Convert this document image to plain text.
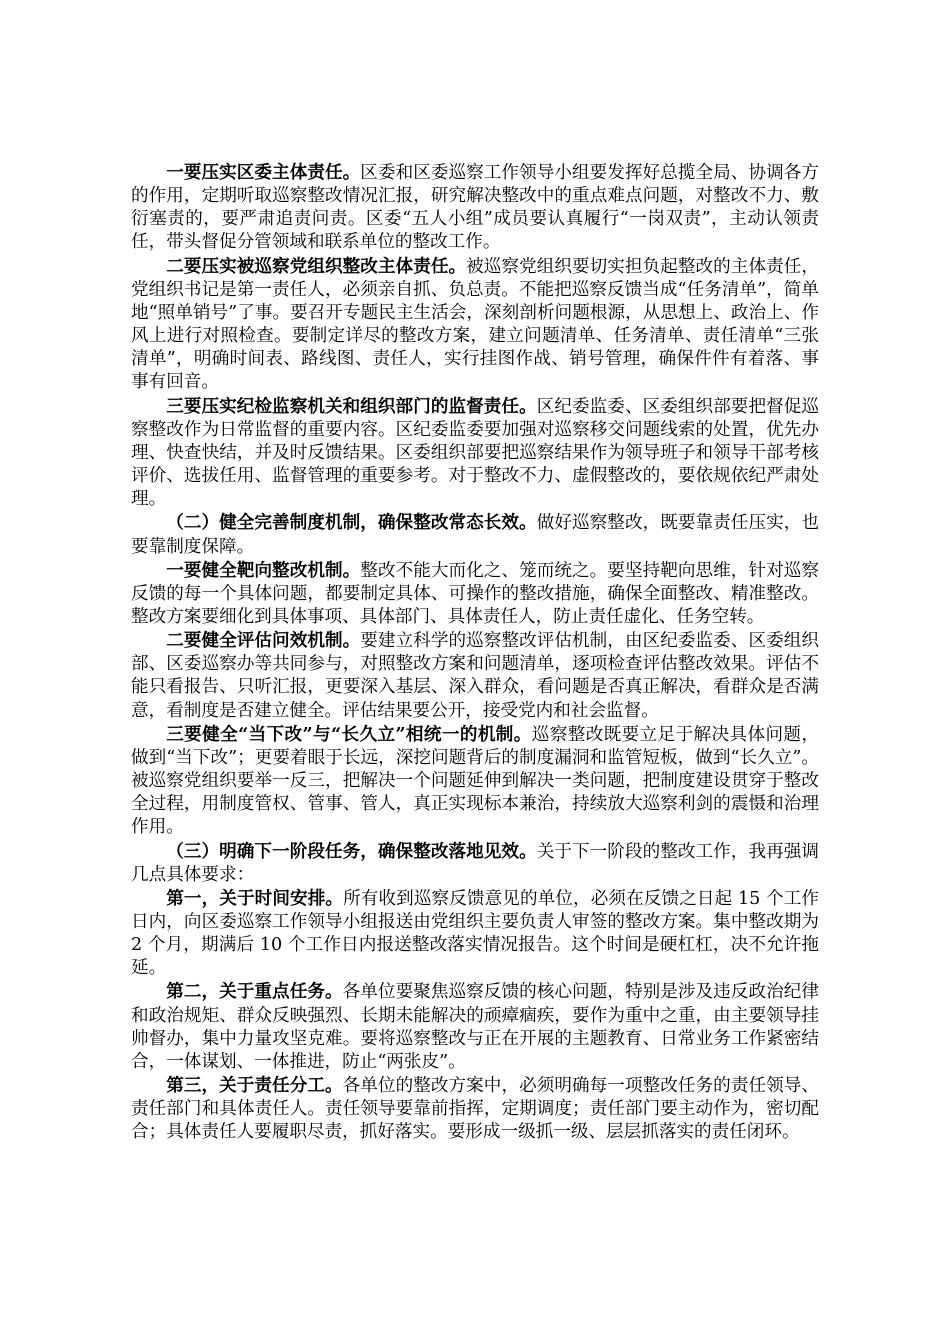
一要压实区委主体责任。区委和区委巡察工作领导小组要发挥好总揽全局、协调各方的作用，定期听取巡察整改情况汇报，研究解决整改中的重点难点问题，对整改不力、敷衍塞责的，要严肃追责问责。区委“五人小组”成员要认真履行“一岗双责”，主动认领责任，带头督促分管领域和联系单位的整改工作。

二要压实被巡察党组织整改主体责任。被巡察党组织要切实担负起整改的主体责任，党组织书记是第一责任人，必须亲自抓、负总责。不能把巡察反馈当成“任务清单”，简单地“照单销号”了事。要召开专题民主生活会，深刻剖析问题根源，从思想上、政治上、作风上进行对照检查。要制定详尽的整改方案，建立问题清单、任务清单、责任清单“三张清单”，明确时间表、路线图、责任人，实行挂图作战、销号管理，确保件件有着落、事事有回音。

三要压实纪检监察机关和组织部门的监督责任。区纪委监委、区委组织部要把督促巡察整改作为日常监督的重要内容。区纪委监委要加强对巡察移交问题线索的处置，优先办理、快查快结，并及时反馈结果。区委组织部要把巡察结果作为领导班子和领导干部考核评价、选拔任用、监督管理的重要参考。对于整改不力、虚假整改的，要依规依纪严肃处理。

（二）健全完善制度机制，确保整改常态长效。做好巡察整改，既要靠责任压实，也要靠制度保障。

一要健全靶向整改机制。整改不能大而化之、笼而统之。要坚持靶向思维，针对巡察反馈的每一个具体问题，都要制定具体、可操作的整改措施，确保全面整改、精准整改。整改方案要细化到具体事项、具体部门、具体责任人，防止责任虚化、任务空转。

二要健全评估问效机制。要建立科学的巡察整改评估机制，由区纪委监委、区委组织部、区委巡察办等共同参与，对照整改方案和问题清单，逐项检查评估整改效果。评估不能只看报告、只听汇报，更要深入基层、深入群众，看问题是否真正解决，看群众是否满意，看制度是否建立健全。评估结果要公开，接受党内和社会监督。

三要健全“当下改”与“长久立”相统一的机制。巡察整改既要立足于解决具体问题，做到“当下改”；更要着眼于长远，深挖问题背后的制度漏洞和监管短板，做到“长久立”。被巡察党组织要举一反三，把解决一个问题延伸到解决一类问题，把制度建设贯穿于整改全过程，用制度管权、管事、管人，真正实现标本兼治，持续放大巡察利剑的震慑和治理作用。

（三）明确下一阶段任务，确保整改落地见效。关于下一阶段的整改工作，我再强调几点具体要求：

第一，关于时间安排。所有收到巡察反馈意见的单位，必须在反馈之日起 15 个工作日内，向区委巡察工作领导小组报送由党组织主要负责人审签的整改方案。集中整改期为 2 个月，期满后 10 个工作日内报送整改落实情况报告。这个时间是硬杠杠，决不允许拖延。

第二，关于重点任务。各单位要聚焦巡察反馈的核心问题，特别是涉及违反政治纪律和政治规矩、群众反映强烈、长期未能解决的顽瘴痼疾，要作为重中之重，由主要领导挂帅督办，集中力量攻坚克难。要将巡察整改与正在开展的主题教育、日常业务工作紧密结合，一体谋划、一体推进，防止“两张皮”。

第三，关于责任分工。各单位的整改方案中，必须明确每一项整改任务的责任领导、责任部门和具体责任人。责任领导要靠前指挥，定期调度；责任部门要主动作为，密切配合；具体责任人要履职尽责，抓好落实。要形成一级抓一级、层层抓落实的责任闭环。
